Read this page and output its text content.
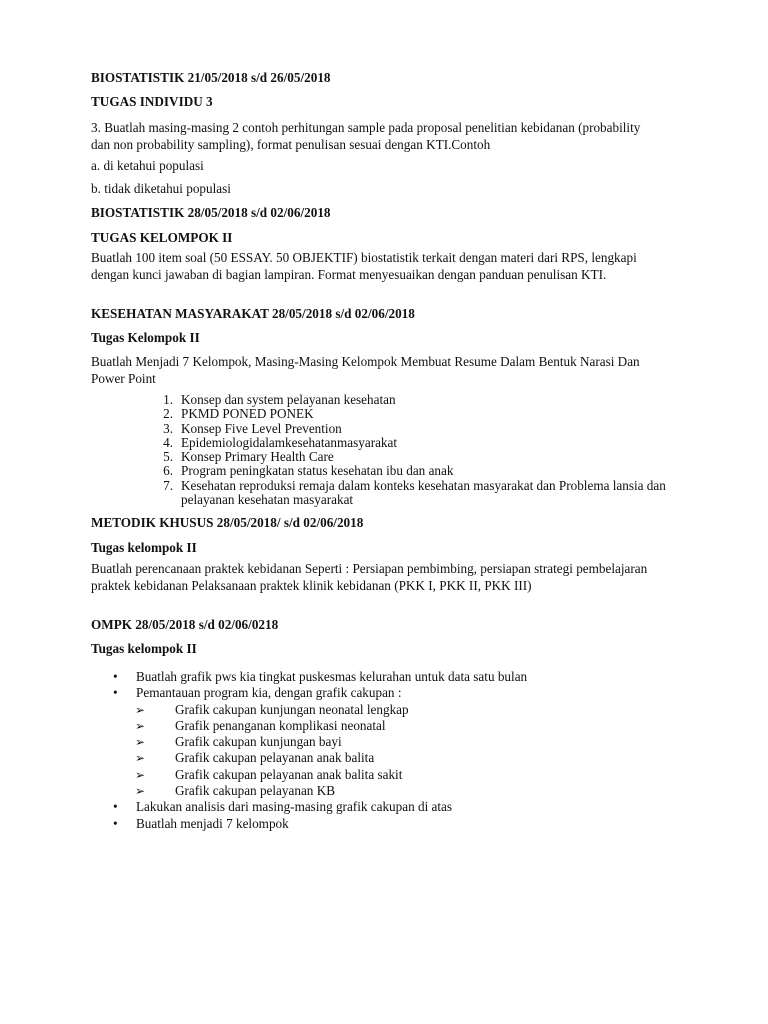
BIOSTATISTIK 21/05/2018 s/d 26/05/2018
TUGAS INDIVIDU 3
3. Buatlah masing-masing 2 contoh perhitungan sample pada proposal penelitian kebidanan (probability dan non probability sampling), format penulisan sesuai dengan KTI.Contoh
a. di ketahui populasi
b. tidak diketahui populasi
BIOSTATISTIK 28/05/2018 s/d 02/06/2018
TUGAS KELOMPOK II
Buatlah 100 item soal (50 ESSAY. 50 OBJEKTIF) biostatistik terkait dengan materi dari RPS, lengkapi dengan kunci jawaban di bagian lampiran. Format menyesuaikan dengan panduan penulisan KTI.
KESEHATAN MASYARAKAT 28/05/2018 s/d 02/06/2018
Tugas Kelompok II
Buatlah Menjadi 7 Kelompok, Masing-Masing Kelompok Membuat Resume Dalam Bentuk Narasi Dan Power Point
1. Konsep dan system pelayanan kesehatan
2. PKMD PONED PONEK
3. Konsep Five Level Prevention
4. Epidemiologidalamkesehatanmasyarakat
5. Konsep Primary Health Care
6. Program peningkatan status kesehatan ibu dan anak
7. Kesehatan reproduksi remaja dalam konteks kesehatan masyarakat dan Problema lansia dan pelayanan kesehatan masyarakat
METODIK KHUSUS 28/05/2018/ s/d 02/06/2018
Tugas kelompok II
Buatlah perencanaan praktek kebidanan Seperti : Persiapan pembimbing, persiapan strategi pembelajaran praktek kebidanan Pelaksanaan praktek klinik kebidanan (PKK I, PKK II, PKK III)
OMPK 28/05/2018 s/d 02/06/0218
Tugas kelompok II
• Buatlah grafik pws kia tingkat puskesmas kelurahan untuk data satu bulan
• Pemantauan program kia, dengan grafik cakupan :
➢ Grafik cakupan kunjungan neonatal lengkap
➢ Grafik penanganan komplikasi neonatal
➢ Grafik cakupan kunjungan bayi
➢ Grafik cakupan pelayanan anak balita
➢ Grafik cakupan pelayanan anak balita sakit
➢ Grafik cakupan pelayanan KB
• Lakukan analisis dari masing-masing grafik cakupan di atas
• Buatlah menjadi 7 kelompok
